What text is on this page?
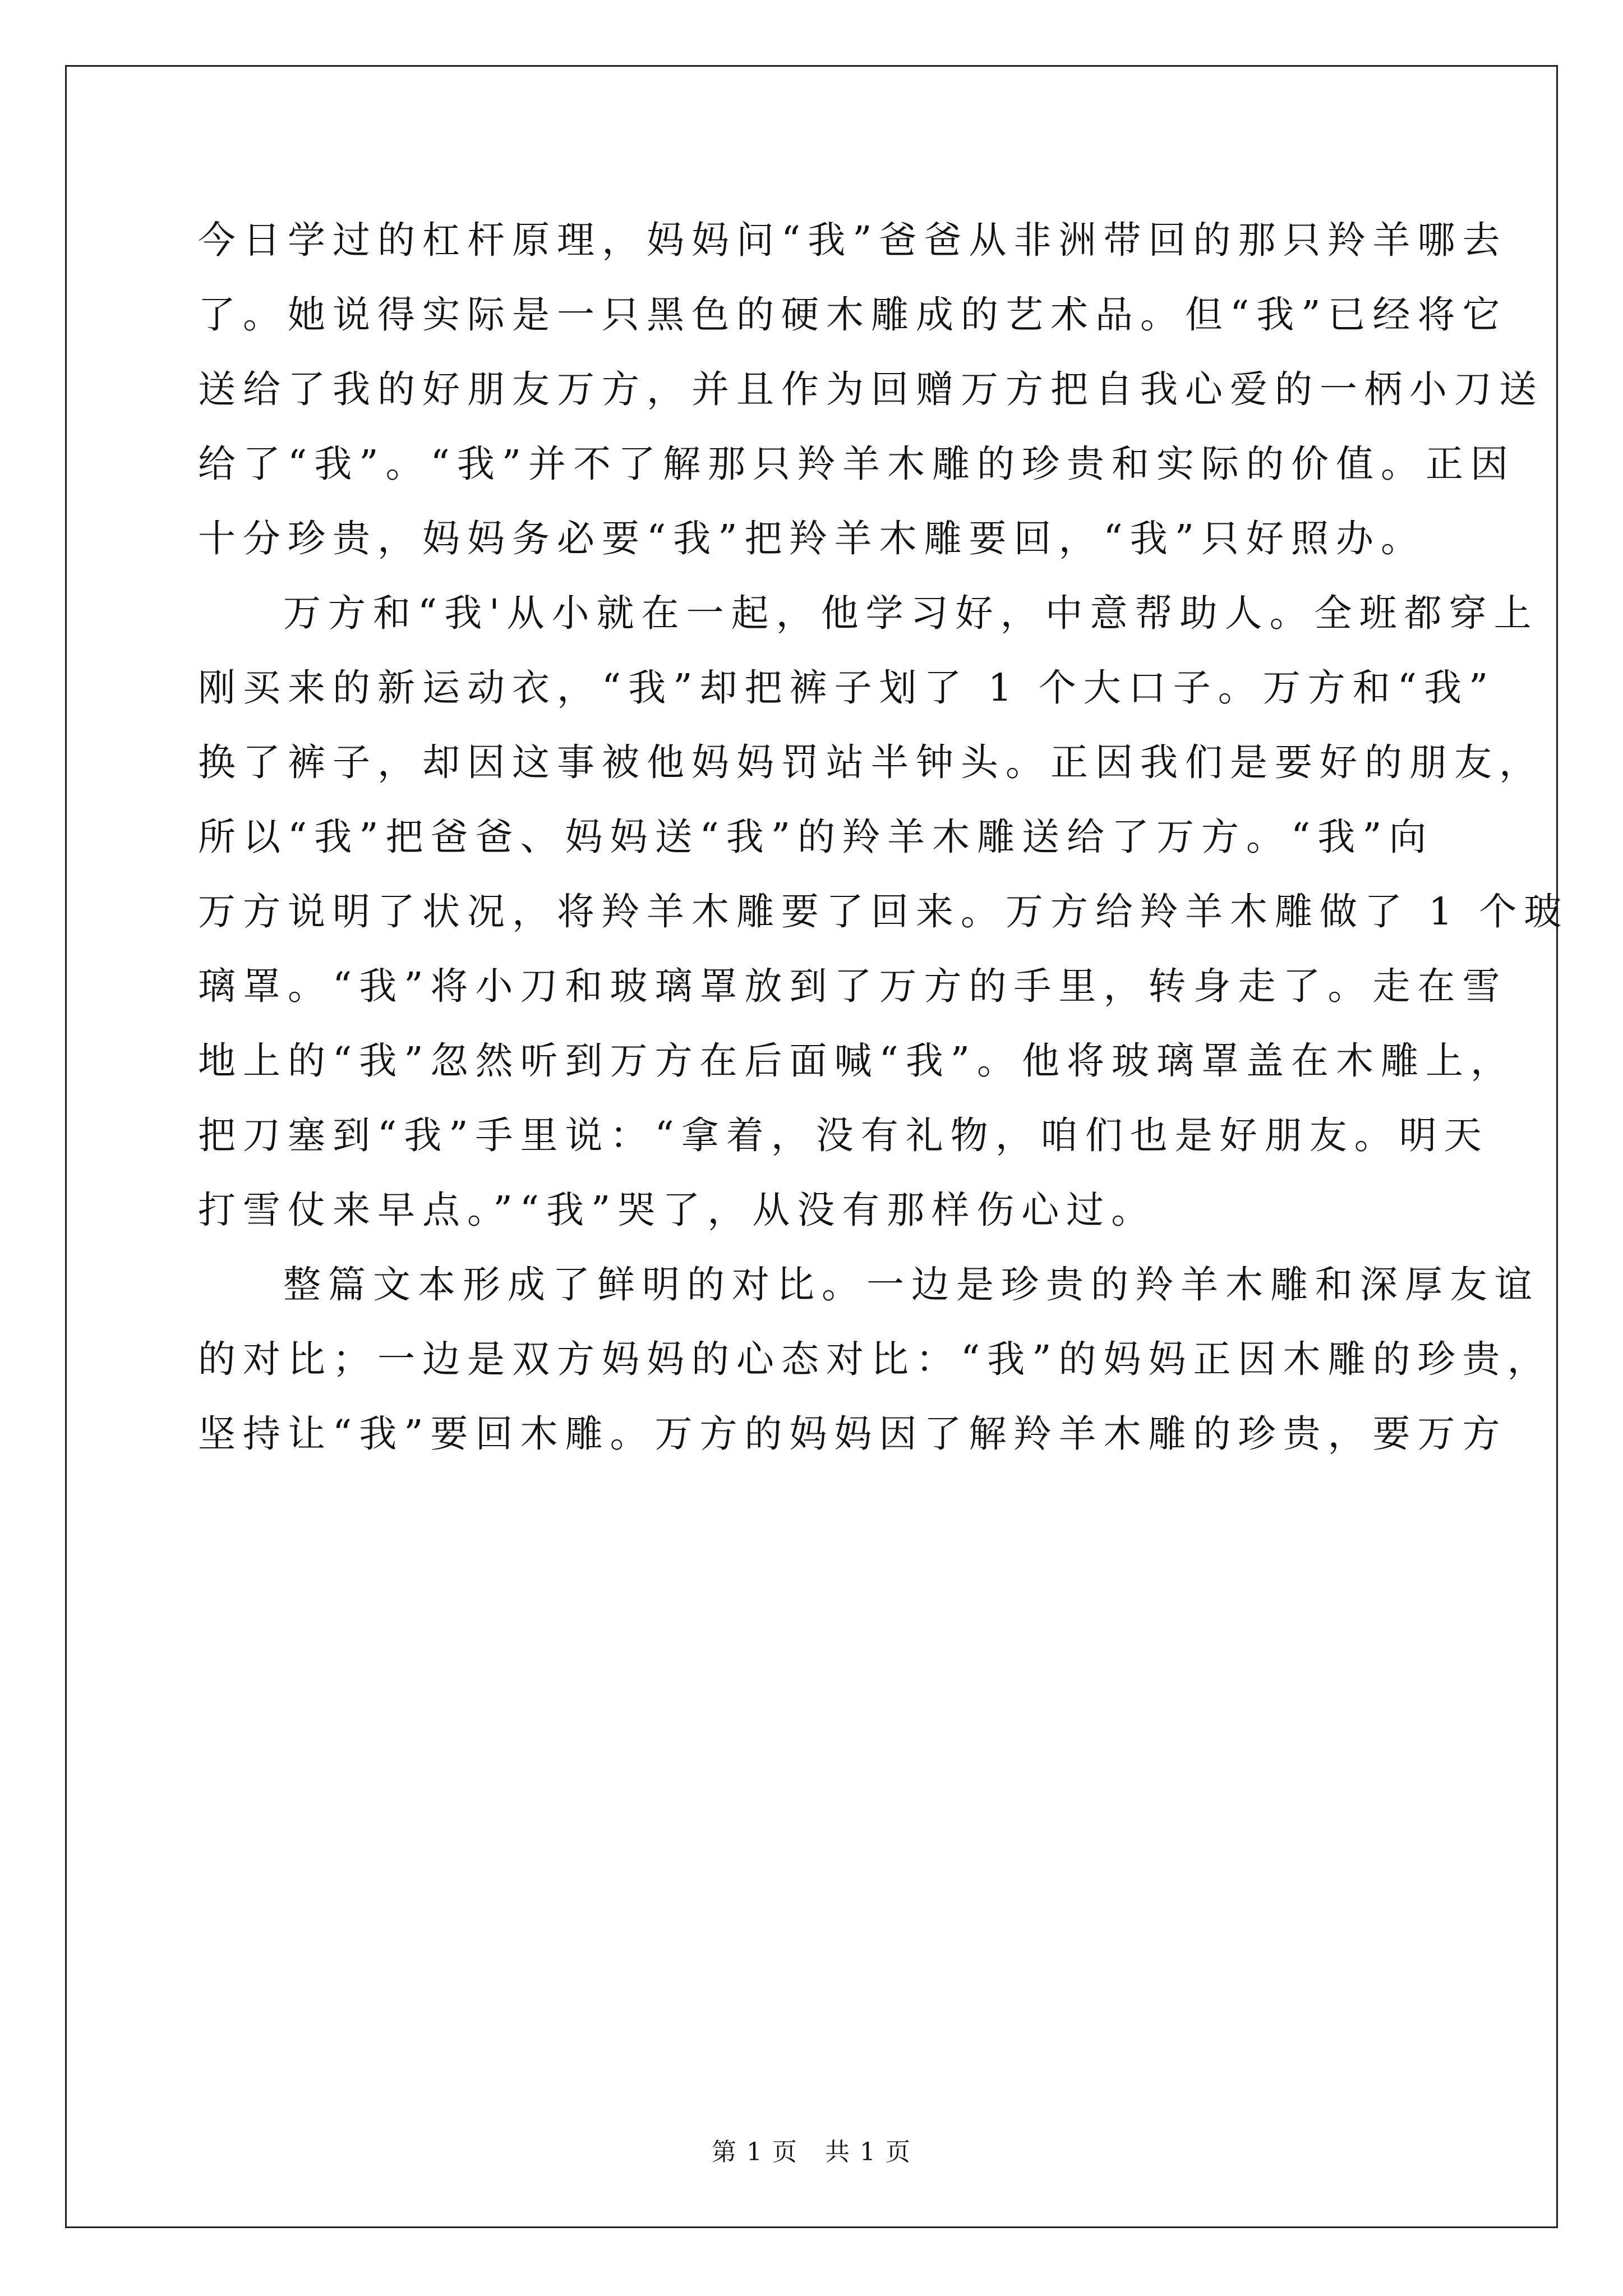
今日学过的杠杆原理，妈妈问“我”爸爸从非洲带回的那只羚羊哪去
了。她说得实际是一只黑色的硬木雕成的艺术品。但“我”已经将它
送给了我的好朋友万方，并且作为回赠万方把自我心爱的一柄小刀送
给了“我”。“我”并不了解那只羚羊木雕的珍贵和实际的价值。正因
十分珍贵，妈妈务必要“我”把羚羊木雕要回，“我”只好照办。

万方和“我'从小就在一起，他学习好，中意帮助人。全班都穿上
刚买来的新运动衣，“我”却把裤子划了 1 个大口子。万方和“我”
换了裤子，却因这事被他妈妈罚站半钟头。正因我们是要好的朋友，
所以“我”把爸爸、妈妈送“我”的羚羊木雕送给了万方。“我”向
万方说明了状况，将羚羊木雕要了回来。万方给羚羊木雕做了 1 个玻
璃罩。“我”将小刀和玻璃罩放到了万方的手里，转身走了。走在雪
地上的“我”忽然听到万方在后面喊“我”。他将玻璃罩盖在木雕上，
把刀塞到“我”手里说：“拿着，没有礼物，咱们也是好朋友。明天
打雪仗来早点。”“我”哭了，从没有那样伤心过。

整篇文本形成了鲜明的对比。一边是珍贵的羚羊木雕和深厚友谊
的对比；一边是双方妈妈的心态对比：“我”的妈妈正因木雕的珍贵，
坚持让“我”要回木雕。万方的妈妈因了解羚羊木雕的珍贵，要万方

第 1 页 共 1 页
